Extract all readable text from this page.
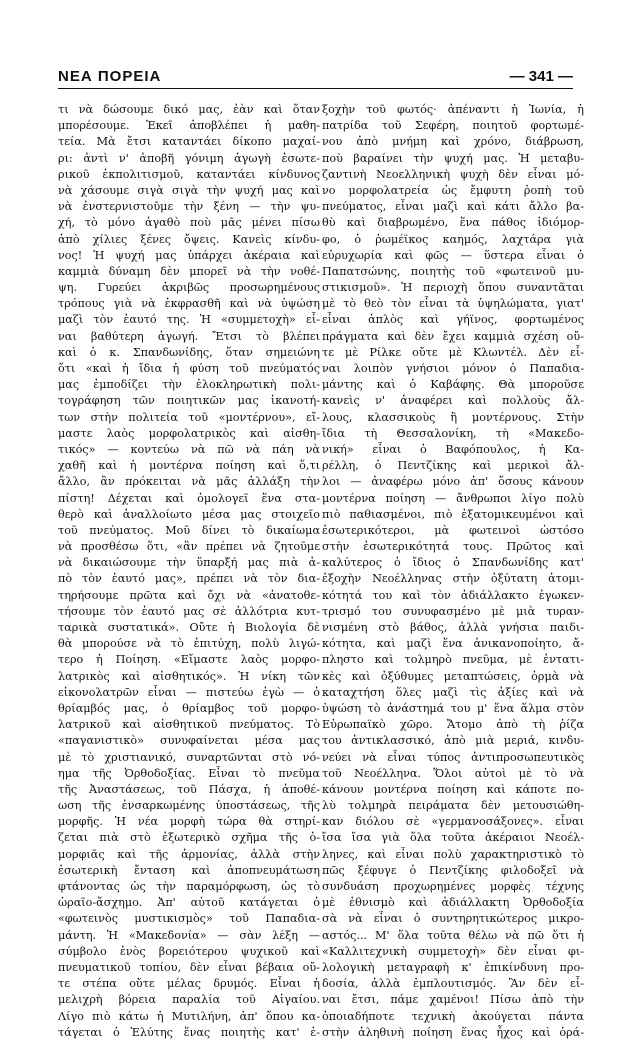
ΝΕΑ ΠΟΡΕΙΑ	— 341 —
τι νὰ δώσουμε δικό μας, ἐὰν καὶ ὅταν
μπορέσουμε. Ἐκεῖ ἀποβλέπει ἡ μαθη-
τεία. Μὰ ἔτσι καταντάει δίκοπο μαχαί-
ρι: ἀντὶ ν' ἀποβῆ γόνιμη ἀγωγὴ ἐσωτε-
ρικοῦ ἐκπολιτισμοῦ, καταντάει κίνδυνος
νὰ χάσουμε σιγὰ σιγὰ τὴν ψυχή μας καὶ
νὰ ἐνστερνιστοῦμε τὴν ξένη — τὴν ψυ-
χή, τὸ μόνο ἀγαθὸ ποὺ μᾶς μένει πίσω
ἀπὸ χίλιες ξένες ὄψεις. Κανεὶς κίνδυ-
νος! Ἡ ψυχή μας ὑπάρχει ἀκέραια καὶ
καμμιὰ δύναμη δὲν μπορεῖ νὰ τὴν νοθέ-
ψη. Γυρεύει ἀκριβῶς προσωρημένους
τρόπους γιὰ νὰ ἐκφρασθῆ καὶ νὰ ὑψώση
μαζὶ τὸν ἑαυτό της. Ἡ «συμμετοχὴ» εἶ-
ναι βαθύτερη ἀγωγή. Ἔτσι τὸ βλέπει
καὶ ὁ κ. Σπανδωνίδης, ὅταν σημειώνη
ὅτι «καὶ ἡ ἴδια ἡ φύση τοῦ πνεύματός
μας ἐμποδίζει τὴν ἐλοκληρωτικὴ πολι-
τογράφηση τῶν ποιητικῶν μας ἱκανοτή-
των στὴν πολιτεία τοῦ «μοντέρνου», εἴ-
μαστε λαὸς μορφολατρικὸς καὶ αἰσθη-
τικός» — κοντεύω νὰ πῶ νὰ πάη νὰ
χαθῆ καὶ ἡ μοντέρνα ποίηση καὶ ὅ,τι
ἄλλο, ἂν πρόκειται νὰ μᾶς ἀλλάξη τὴν
πίστη! Δέχεται καὶ ὁμολογεῖ ἕνα στα-
θερὸ καὶ ἀναλλοίωτο μέσα μας στοιχεῖο
τοῦ πνεύματος. Μοῦ δίνει τὸ δικαίωμα
νὰ προσθέσω ὅτι, «ἂν πρέπει νὰ ζητοῦμε
νὰ δικαιώσουμε τὴν ὕπαρξή μας πιὰ ἀ-
πὸ τὸν ἑαυτό μας», πρέπει νὰ τὸν δια-
τηρήσουμε πρῶτα καὶ ὄχι νὰ «ἀνατοθε-
τήσουμε τὸν ἑαυτό μας σὲ ἀλλότρια κυτ-
ταρικὰ συστατικά». Οὔτε ἡ Βιολογία δὲ
θὰ μπορούσε νὰ τὸ ἐπιτύχη, πολὺ λιγώ-
τερο ἡ Ποίηση. «Εἴμαστε λαὸς μορφο-
λατρικὸς καὶ αἰσθητικός». Ἡ νίκη τῶν
εἰκονολατρῶν εἶναι — πιστεύω ἐγὼ — ὁ
θρίαμβός μας, ὁ θρίαμβος τοῦ μορφο-
λατρικοῦ καὶ αἰσθητικοῦ πνεύματος. Τὸ
«παγανιστικὸ» συνυφαίνεται μέσα μας
μὲ τὸ χριστιανικό, συναρτῶνται στὸ νό-
ημα τῆς Ὀρθοδοξίας. Εἶναι τὸ πνεῦμα
τῆς Ἀναστάσεως, τοῦ Πάσχα, ἡ ἀποθέ-
ωση τῆς ἐνσαρκωμένης ὑποστάσεως, τῆς
μορφῆς. Ἡ νέα μορφὴ τώρα θὰ στηρί-
ζεται πιὰ στὸ ἐξωτερικὸ σχῆμα τῆς ὁ-
μορφιᾶς καὶ τῆς ἁρμονίας, ἀλλὰ στὴν
ἐσωτερικὴ ἔνταση καὶ ἀποπνευμάτωση
φτάνοντας ὡς τὴν παραμόρφωση, ὡς τὸ
ὡραῖο-ἄσχημο. Ἀπ' αὐτοῦ κατάγεται ὁ
«φωτεινὸς μυστικισμὸς» τοῦ Παπαδια-
μάντη. Ἡ «Μακεδονία» — σὰν λέξη —
σύμβολο ἑνὸς βορειότερου ψυχικοῦ καὶ
πνευματικοῦ τοπίου, δὲν εἶναι βέβαια οὔ-
τε στέπα οὔτε μέλας δρυμός. Εἶναι ἡ
μελιχρὴ βόρεια παραλία τοῦ Αἰγαίου.
Λίγο πιὸ κάτω ἡ Μυτιλήνη, ἀπ' ὅπου κα-
τάγεται ὁ Ἐλύτης ἕνας ποιητὴς κατ' ἐ-
ξοχὴν τοῦ φωτός· ἀπέναντι ἡ Ἰωνία, ἡ
πατρίδα τοῦ Σεφέρη, ποιητοῦ φορτωμέ-
νου ἀπὸ μνήμη καὶ χρόνο, διάβρωση,
ποὺ βαραίνει τὴν ψυχή μας. Ἡ μεταβυ-
ζαντινὴ Νεοελληνικὴ ψυχὴ δὲν εἶναι μό-
νο μορφολατρεία ὡς ἔμφυτη ῥοπὴ τοῦ
πνεύματος, εἶναι μαζὶ καὶ κάτι ἄλλο βα-
θὺ καὶ διαβρωμένο, ἕνα πάθος ἰδιόμορ-
φο, ὁ ῥωμέϊκος καημός, λαχτάρα γιὰ
εὐρυχωρία καὶ φῶς — ὕστερα εἶναι ὁ
Παπατσώνης, ποιητὴς τοῦ «φωτεινοῦ μυ-
στικισμοῦ». Ἡ περιοχὴ ὅπου συναντᾶται
μὲ τὸ θεὸ τὸν εἶναι τὰ ὑψηλώματα, γιατ'
εἶναι ἁπλὸς καὶ γήϊνος, φορτωμένος
πράγματα καὶ δὲν ἔχει καμμιὰ σχέση οὔ-
τε μὲ Ρίλκε οὔτε μὲ Κλωντέλ. Δὲν εἶ-
ναι λοιπὸν γνήσιοι μόνον ὁ Παπαδια-
μάντης καὶ ὁ Καβάφης. Θὰ μποροῦσε
κανεὶς ν' ἀναφέρει καὶ πολλοὺς ἄλ-
λους, κλασσικοὺς ἢ μοντέρνους. Στὴν
ἴδια τὴ Θεσσαλονίκη, τὴ «Μακεδο-
νική» εἶναι ὁ Βαφόπουλος, ἡ Κα-
ρέλλη, ὁ Πεντζίκης καὶ μερικοὶ ἄλ-
λοι — ἀναφέρω μόνο ἀπ' ὅσους κάνουν
μοντέρνα ποίηση — ἄνθρωποι λίγο πολὺ
πιὸ παθιασμένοι, πιὸ ἐξατομικευμένοι καὶ
ἐσωτερικότεροι, μὰ φωτεινοὶ ὡστόσο
στὴν ἐσωτερικότητά τους. Πρῶτος καὶ
καλύτερος ὁ ἴδιος ὁ Σπανδωνίδης κατ'
ἐξοχὴν Νεοέλληνας στὴν ὀξύτατη ἀτομι-
κότητά του καὶ τὸν ἀδιάλλακτο ἐγωκεν-
τρισμό του συνυφασμένο μὲ μιὰ τυραν-
νισμένη στὸ βάθος, ἀλλὰ γνήσια παιδι-
κότητα, καὶ μαζὶ ἕνα ἀνικανοποίητο, ἄ-
πληστο καὶ τολμηρὸ πνεῦμα, μὲ ἐντατι-
κὲς καὶ ὀξύθυμες μεταπτώσεις, ὁρμὰ νὰ
καταχτήση ὅλες μαζὶ τὶς ἀξίες καὶ νὰ
ὑψώση τὸ ἀνάστημά του μ' ἕνα ἅλμα στὸν
Εὐρωπαϊκὸ χῶρο. Ἄτομο ἀπὸ τὴ ῥίζα
του ἀντικλασσικό, ἀπὸ μιὰ μεριά, κινδυ-
νεύει νὰ εἶναι τύπος ἀντιπροσωπευτικὸς
τοῦ Νεοέλληνα. Ὅλοι αὐτοὶ μὲ τὸ νὰ
κάνουν μοντέρνα ποίηση καὶ κάποτε πο-
λὺ τολμηρὰ πειράματα δὲν μετουσιώθη-
καν διόλου σὲ «γερμανοσάξονες». εἶναι
ἴσα ἴσα γιὰ ὅλα τοῦτα ἀκέραιοι Νεοέλ-
ληνες, καὶ εἶναι πολὺ χαρακτηριστικὸ τὸ
πῶς ξέφυγε ὁ Πεντζίκης φιλοδοξεῖ νὰ
συνδυάση προχωρημένες μορφὲς τέχνης
μὲ ἐθνισμὸ καὶ ἀδιάλλακτη Ὀρθοδοξία
σὰ νὰ εἶναι ὁ συντηρητικώτερος μικρο-
αστός... Μ' ὅλα τοῦτα θέλω νὰ πῶ ὅτι ἡ
«Καλλιτεχνικὴ συμμετοχὴ» δὲν εἶναι φι-
λολογικὴ μεταγραφὴ κ' ἐπικίνδυνη προ-
δοσία, ἀλλὰ ἐμπλουτισμός. Ἂν δὲν εἶ-
ναι ἔτσι, πάμε χαμένοι! Πίσω ἀπὸ τὴν
ὁποιαδήποτε τεχνικὴ ἀκούγεται πάντα
στὴν ἀληθινὴ ποίηση ἕνας ἦχος καὶ ὁρά-
